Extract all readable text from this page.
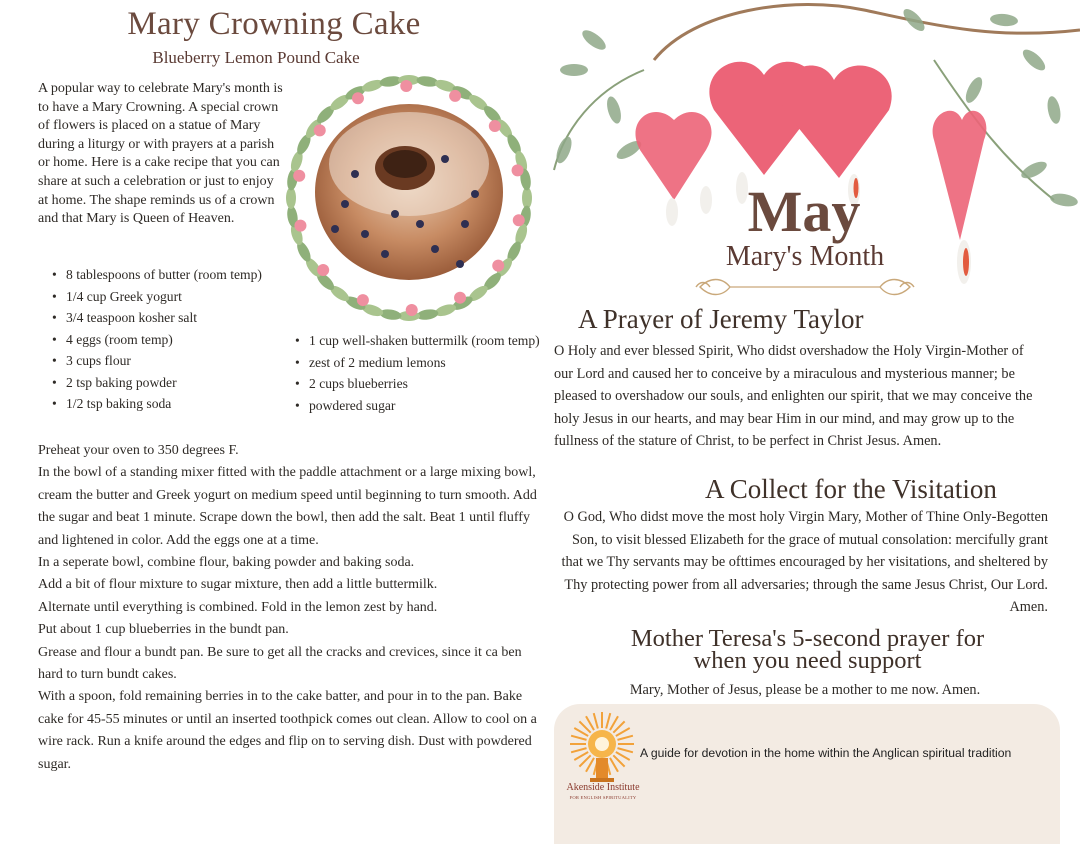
Mary Crowning Cake
Blueberry Lemon Pound Cake
A popular way to celebrate Mary's month is to have a Mary Crowning. A special crown of flowers is placed on a statue of Mary during a liturgy or with prayers at a parish or home. Here is a cake recipe that you can share at such a celebration or just to enjoy at home. The shape reminds us of a crown and that Mary is Queen of Heaven.
• 8 tablespoons of butter (room temp)
• 1/4 cup Greek yogurt
• 3/4 teaspoon kosher salt
• 4 eggs (room temp)
• 3 cups flour
• 2 tsp baking powder
• 1/2 tsp baking soda
• 1 cup well-shaken buttermilk (room temp)
• zest of 2 medium lemons
• 2 cups blueberries
• powdered sugar

Preheat your oven to 350 degrees F.

In the bowl of a standing mixer fitted with the paddle attachment or a large mixing bowl, cream the butter and Greek yogurt on medium speed until beginning to turn smooth. Add the sugar and beat 1 minute. Scrape down the bowl, then add the salt. Beat 1 until fluffy and lightened in color. Add the eggs one at a time.

In a seperate bowl, combine flour, baking powder and baking soda.

Add a bit of flour mixture to sugar mixture, then add a little buttermilk.

Alternate until everything is combined. Fold in the lemon zest by hand.

Put about 1 cup blueberries in the bundt pan.

Grease and flour a bundt pan. Be sure to get all the cracks and crevices, since it ca ben hard to turn bundt cakes.

With a spoon, fold remaining berries in to the cake batter, and pour in to the pan. Bake cake for 45-55 minutes or until an inserted toothpick comes out clean. Allow to cool on a wire rack. Run a knife around the edges and flip on to serving dish. Dust with powdered sugar.

May
Mary's Month
A Prayer of Jeremy Taylor
O Holy and ever blessed Spirit, Who didst overshadow the Holy Virgin-Mother of our Lord and caused her to conceive by a miraculous and mysterious manner; be pleased to overshadow our souls, and enlighten our spirit, that we may conceive the holy Jesus in our hearts, and may bear Him in our mind, and may grow up to the fullness of the stature of Christ, to be perfect in Christ Jesus. Amen.
A Collect for the Visitation
O God, Who didst move the most holy Virgin Mary, Mother of Thine Only-Begotten Son, to visit blessed Elizabeth for the grace of mutual consolation: mercifully grant that we Thy servants may be ofttimes encouraged by her visitations, and sheltered by Thy protecting power from all adversaries; through the same Jesus Christ, Our Lord. Amen.
Mother Teresa's 5-second prayer for
when you need support
Mary, Mother of Jesus, please be a mother to me now. Amen.
Akenside Institute
FOR ENGLISH SPIRITUALITY
A guide for devotion in the home within the Anglican spiritual tradition
